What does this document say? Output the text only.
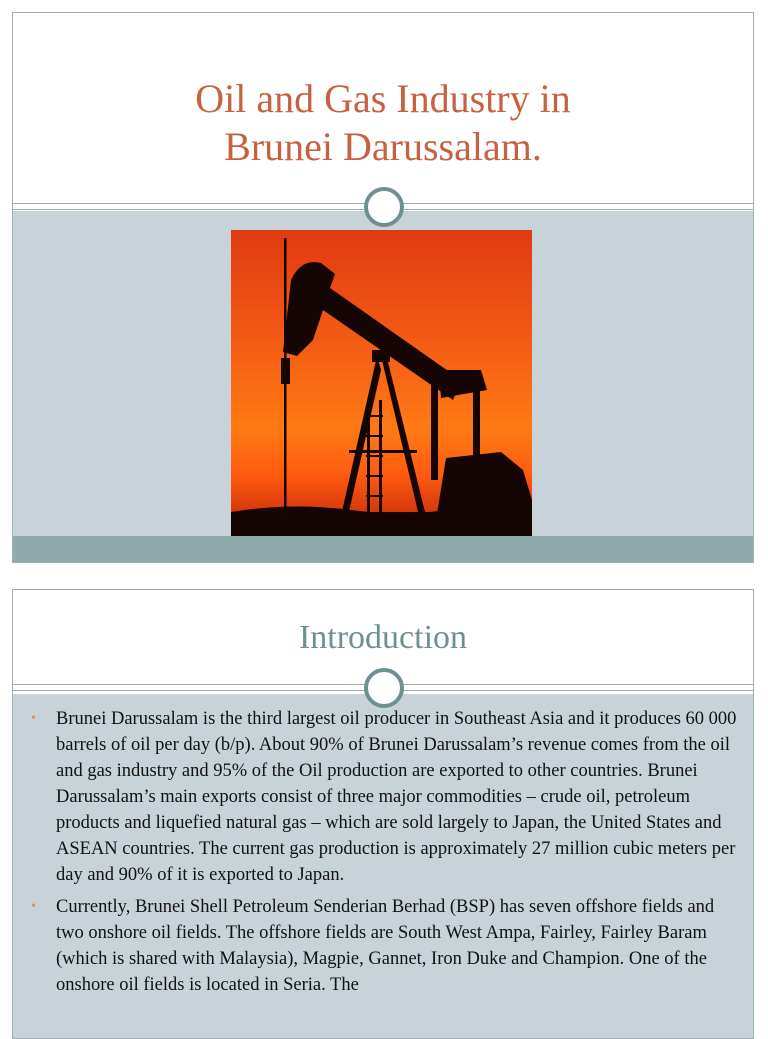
Oil and Gas Industry in
Brunei Darussalam.
Introduction
• Brunei Darussalam is the third largest oil producer in Southeast Asia and it produces 60 000 barrels of oil per day (b/p). About 90% of Brunei Darussalam’s revenue comes from the oil and gas industry and 95% of the Oil production are exported to other countries. Brunei Darussalam’s main exports consist of three major commodities – crude oil, petroleum products and liquefied natural gas – which are sold largely to Japan, the United States and ASEAN countries. The current gas production is approximately 27 million cubic meters per day and 90% of it is exported to Japan.
• Currently, Brunei Shell Petroleum Senderian Berhad (BSP) has seven offshore fields and two onshore oil fields. The offshore fields are South West Ampa, Fairley, Fairley Baram (which is shared with Malaysia), Magpie, Gannet, Iron Duke and Champion. One of the onshore oil fields is located in Seria. The
